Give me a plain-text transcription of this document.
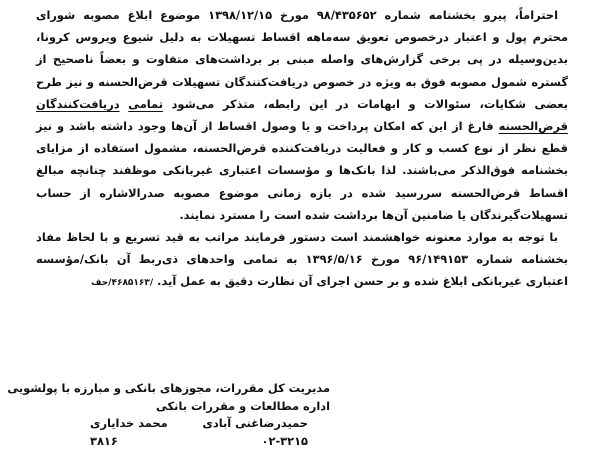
احتراماً، پیرو بخشنامه شماره ۹۸/۴۳۵۶۵۲ مورخ ۱۳۹۸/۱۲/۱۵ موضوع ابلاغ مصوبه شورای محترم پول و اعتبار درخصوص تعویق سه‌ماهه اقساط تسهیلات به دلیل شیوع ویروس کرونا، بدین‌وسیله در پی برخی گزارش‌های واصله مبنی بر برداشت‌های متفاوت و بعضاً ناصحیح از گستره شمول مصوبه فوق به ویژه در خصوص دریافت‌کنندگان تسهیلات قرض‌الحسنه و نیز طرح بعضی شکایات، سئوالات و ابهامات در این رابطه، متذکر می‌شود تمامی دریافت‌کنندگان قرض‌الحسنه فارغ از این که امکان پرداخت و یا وصول اقساط از آن‌ها وجود داشته باشد و نیز قطع نظر از نوع کسب و کار و فعالیت دریافت‌کننده قرض‌الحسنه، مشمول استفاده از مزایای بخشنامه فوق‌الذکر می‌باشند. لذا بانک‌ها و مؤسسات اعتباری غیربانکی موظفند چنانچه مبالغ اقساط قرض‌الحسنه سررسید شده در بازه زمانی موضوع مصوبه صدرالاشاره از حساب تسهیلات‌گیرندگان یا ضامنین آن‌ها برداشت شده است را مسترد نمایند.

با توجه به موارد معنونه خواهشمند است دستور فرمایند مراتب به قید تسریع و با لحاظ مفاد بخشنامه شماره ۹۶/۱۴۹۱۵۳ مورخ ۱۳۹۶/۵/۱۶ به تمامی واحدهای ذی‌ربط آن بانک/مؤسسه اعتباری غیربانکی ابلاغ شده و بر حسن اجرای آن نظارت دقیق به عمل آید. /۴۶۸۵۱۶۳/حف

مدیریت کل مقررات، مجوزهای بانکی و مبارزه با پولشویی
اداره مطالعات و مقررات بانکی
حمیدرضاغنی آبادی
محمد خدایاری
۰۲-۳۲۱۵
۳۸۱۶
